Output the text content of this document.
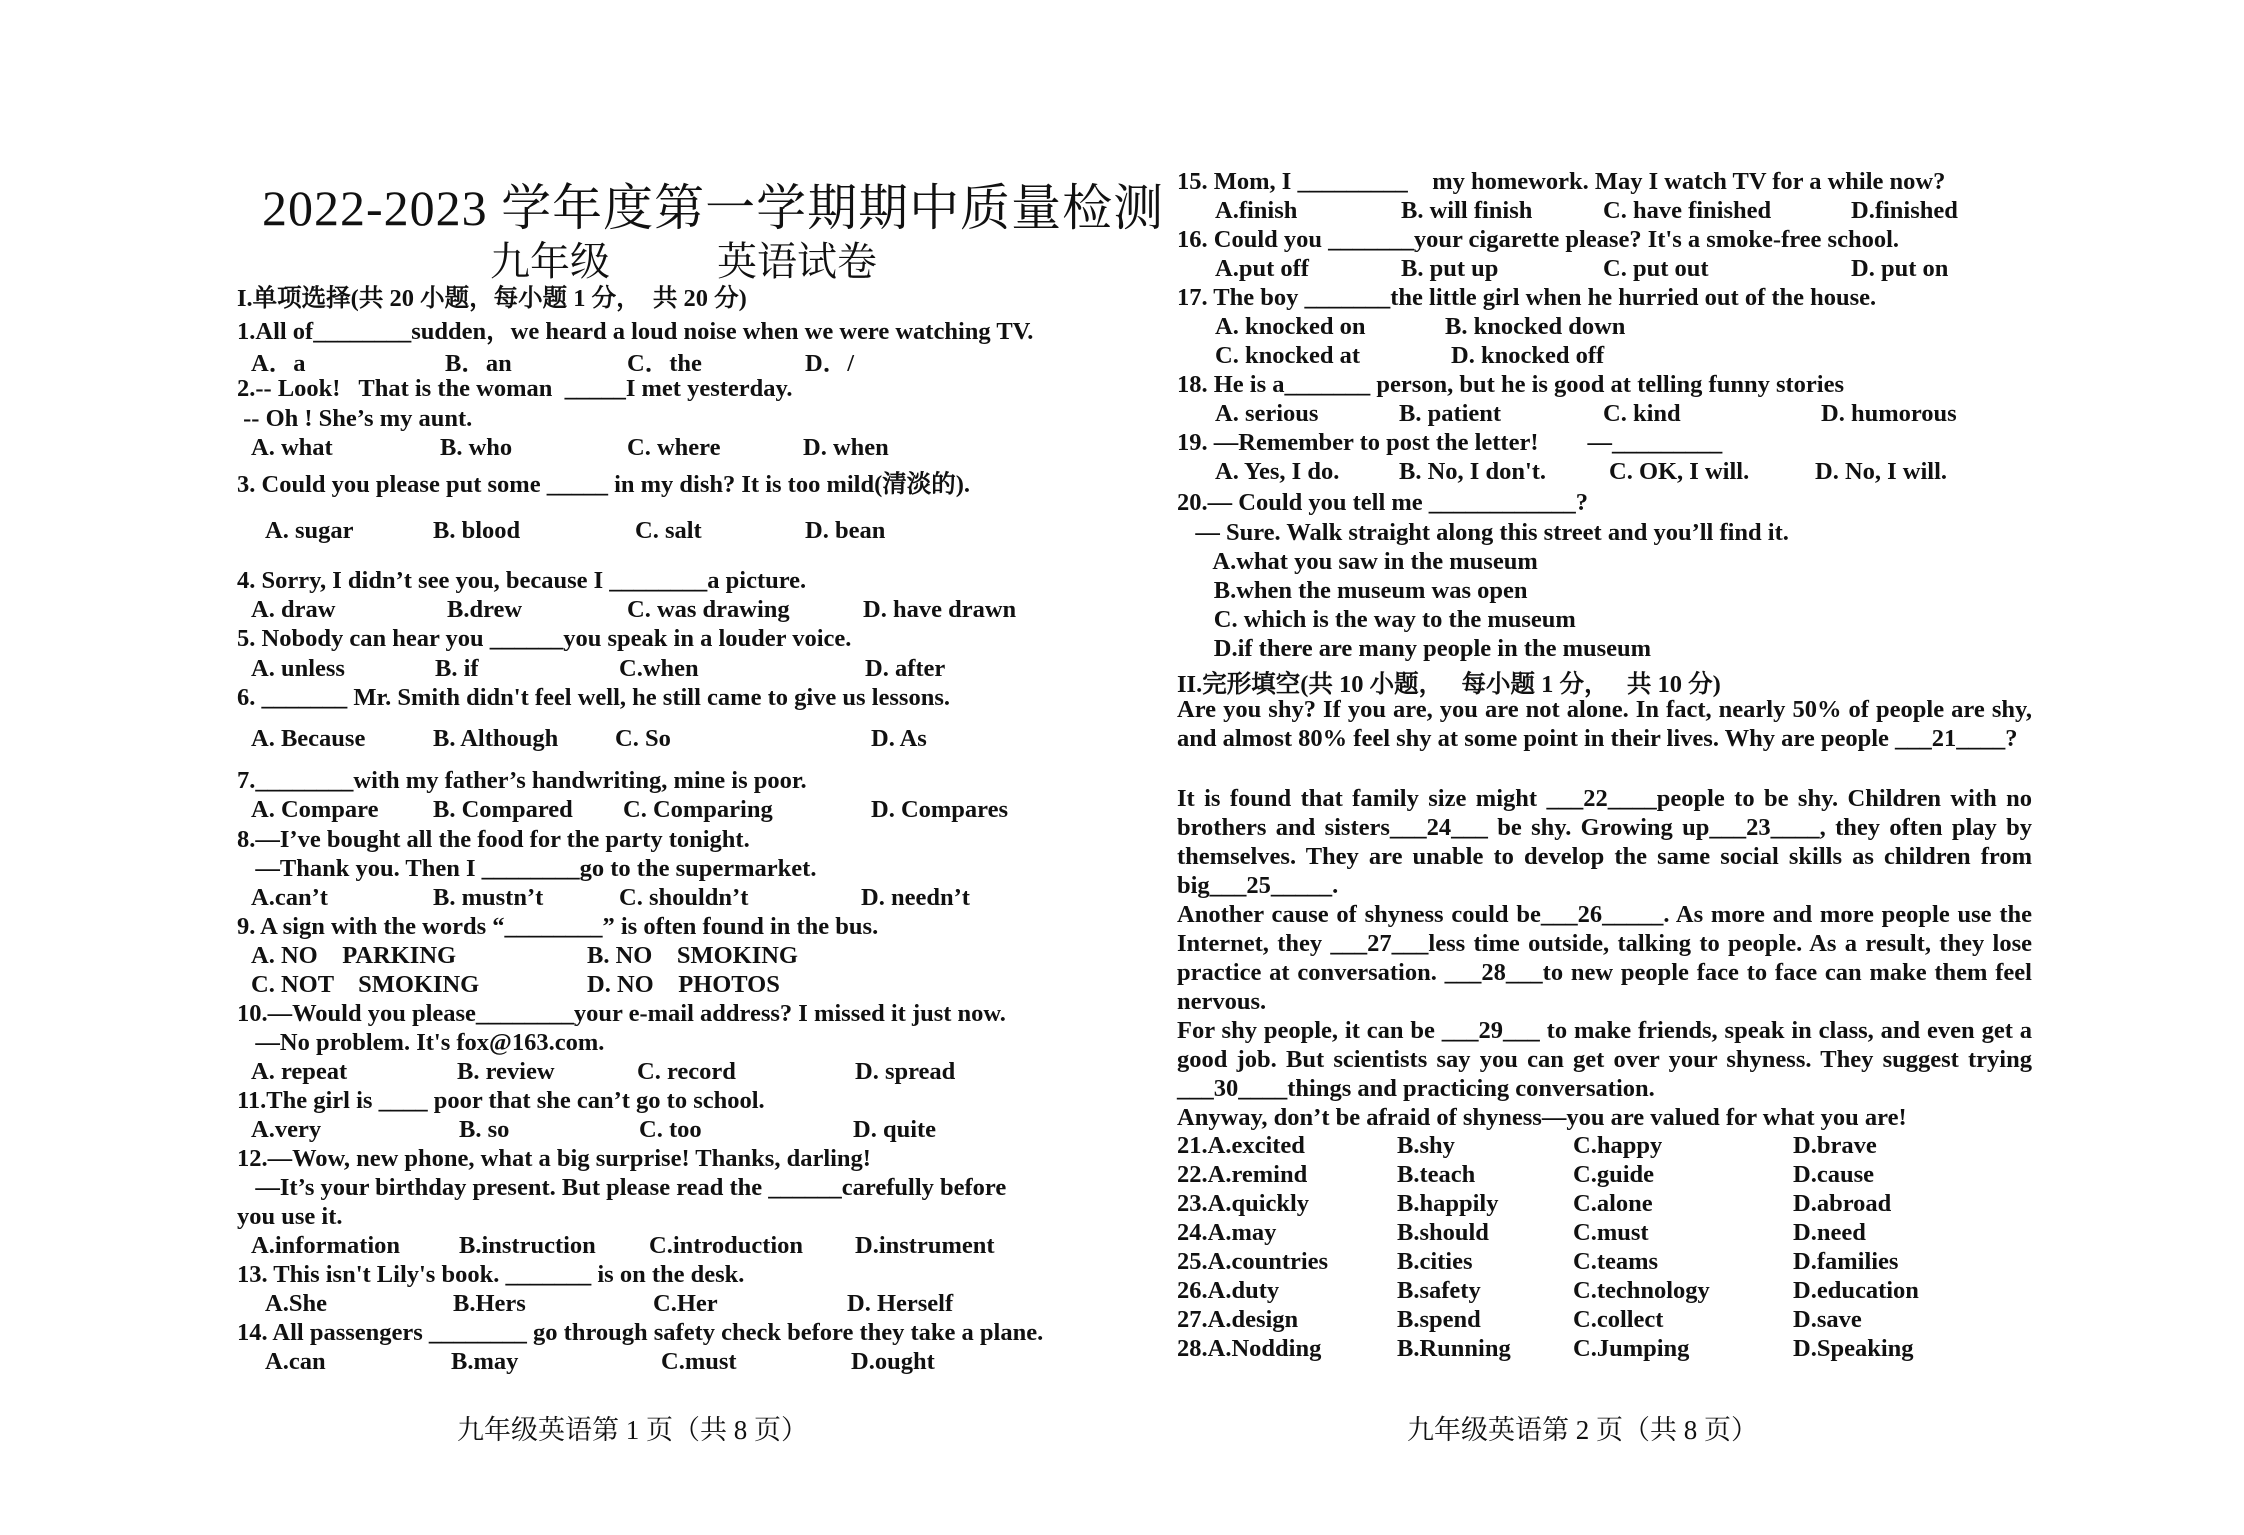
2022-2023 学年度第一学期期中质量检测
九年级	英语试卷
I.单项选择(共 20 小题，每小题 1 分，  共 20 分)
1.All of________sudden，we heard a loud noise when we were watching TV.
A．a	B．an	C．the	D．/
2.-- Look!   That is the woman  _____I met yesterday.
-- Oh ! She’s my aunt.
A. what	B. who	C. where	D. when
3. Could you please put some _____ in my dish? It is too mild(清淡的).
A. sugar	B. blood	C. salt	D. bean
4. Sorry, I didn’t see you, because I ________a picture.
A. draw	B.drew	C. was drawing	D. have drawn
5. Nobody can hear you ______you speak in a louder voice.
A. unless	B. if	C.when	D. after
6. _______ Mr. Smith didn't feel well, he still came to give us lessons.
A. Because	B. Although C. So	D. As
7.________with my father’s handwriting, mine is poor.
A. Compare B. Compared C. Comparing	D. Compares
8.—I’ve bought all the food for the party tonight.
—Thank you. Then I ________go to the supermarket.
A.can’t	B. mustn’t	C. shouldn’t	D. needn’t
9. A sign with the words “________” is often found in the bus.
A. NO    PARKING	B. NO    SMOKING
C. NOT    SMOKING	D. NO    PHOTOS
10.—Would you please________your e-mail address? I missed it just now.
—No problem. It's fox@163.com.
A. repeat	B. review	C. record	D. spread
11.The girl is ____ poor that she can’t go to school.
A.very	B. so	C. too	D. quite
12.—Wow, new phone, what a big surprise! Thanks, darling!
—It’s your birthday present. But please read the ______carefully before
you use it.
A.information B.instruction C.introduction D.instrument
13. This isn't Lily's book. _______ is on the desk.
A.She	B.Hers	C.Her	D. Herself
14. All passengers ________ go through safety check before they take a plane.
A.can	B.may	C.must	D.ought
九年级英语第 1 页（共 8 页）
15. Mom, I _________    my homework. May I watch TV for a while now?
A.finish	B. will finish	C. have finished	D.finished
16. Could you _______your cigarette please? It's a smoke-free school.
A.put off	B. put up	C. put out	D. put on
17. The boy _______the little girl when he hurried out of the house.
A. knocked on	B. knocked down
C. knocked at	D. knocked off
18. He is a_______ person, but he is good at telling funny stories
A. serious	B. patient	C. kind	D. humorous
19. —Remember to post the letter!        —_________
A. Yes, I do. B. No, I don't.	C. OK, I will.	D. No, I will.
20.— Could you tell me ____________?
— Sure. Walk straight along this street and you’ll find it.
A.what you saw in the museum
B.when the museum was open
C. which is the way to the museum
D.if there are many people in the museum
II.完形填空(共 10 小题，   每小题 1 分，   共 10 分)
Are you shy? If you are, you are not alone. In fact, nearly 50% of people are shy, and almost 80% feel shy at some point in their lives. Why are people ___21____?
It is found that family size might ___22____people to be shy. Children with no brothers and sisters___24___ be shy. Growing up___23____, they often play by themselves. They are unable to develop the same social skills as children from big___25_____.
Another cause of shyness could be___26_____. As more and more people use the Internet, they ___27___less time outside, talking to people. As a result, they lose practice at conversation. ___28___to new people face to face can make them feel nervous.
For shy people, it can be ___29___ to make friends, speak in class, and even get a good job. But scientists say you can get over your shyness. They suggest trying ___30____things and practicing conversation.
Anyway, don’t be afraid of shyness—you are valued for what you are!
21.A.excited	B.shy	C.happy	D.brave
22.A.remind	B.teach	C.guide	D.cause
23.A.quickly	B.happily	C.alone	D.abroad
24.A.may	B.should	C.must	D.need
25.A.countries	B.cities	C.teams	D.families
26.A.duty	B.safety	C.technology	D.education
27.A.design	B.spend	C.collect	D.save
28.A.Nodding	B.Running	C.Jumping	D.Speaking
九年级英语第 2 页（共 8 页）
